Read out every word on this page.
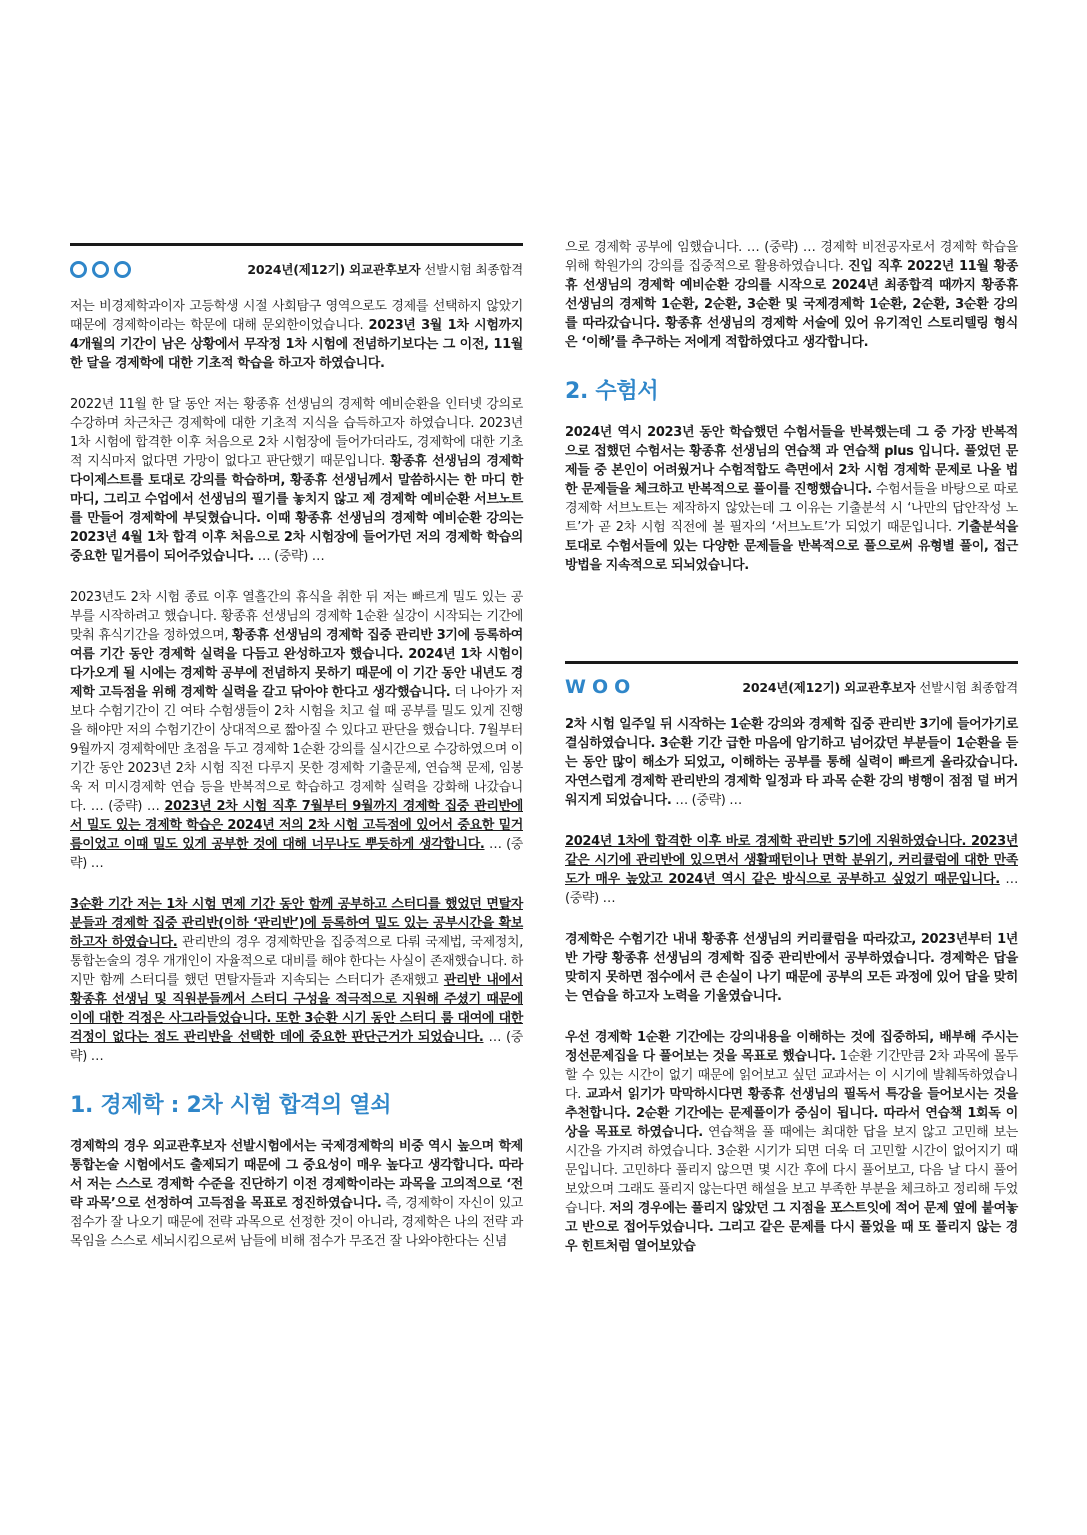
2024년(제12기) 외교관후보자 선발시험 최종합격

저는 비경제학과이자 고등학생 시절 사회탐구 영역으로도 경제를 선택하지 않았기 때문에 경제학이라는 학문에 대해 문외한이었습니다. 2023년 3월 1차 시험까지 4개월의 기간이 남은 상황에서 무작정 1차 시험에 전념하기보다는 그 이전, 11월 한 달을 경제학에 대한 기초적 학습을 하고자 하였습니다.

2022년 11월 한 달 동안 저는 황종휴 선생님의 경제학 예비순환을 인터넷 강의로 수강하며 차근차근 경제학에 대한 기초적 지식을 습득하고자 하였습니다. 2023년 1차 시험에 합격한 이후 처음으로 2차 시험장에 들어가더라도, 경제학에 대한 기초적 지식마저 없다면 가망이 없다고 판단했기 때문입니다. 황종휴 선생님의 경제학 다이제스트를 토대로 강의를 학습하며, 황종휴 선생님께서 말씀하시는 한 마디 한 마디, 그리고 수업에서 선생님의 필기를 놓치지 않고 제 경제학 예비순환 서브노트를 만들어 경제학에 부딪혔습니다. 이때 황종휴 선생님의 경제학 예비순환 강의는 2023년 4월 1차 합격 이후 처음으로 2차 시험장에 들어가던 저의 경제학 학습의 중요한 밑거름이 되어주었습니다. … (중략) …

2023년도 2차 시험 종료 이후 열흘간의 휴식을 취한 뒤 저는 빠르게 밀도 있는 공부를 시작하려고 했습니다. 황종휴 선생님의 경제학 1순환 실강이 시작되는 기간에 맞춰 휴식기간을 정하였으며, 황종휴 선생님의 경제학 집중 관리반 3기에 등록하여 여름 기간 동안 경제학 실력을 다듬고 완성하고자 했습니다. 2024년 1차 시험이 다가오게 될 시에는 경제학 공부에 전념하지 못하기 때문에 이 기간 동안 내년도 경제학 고득점을 위해 경제학 실력을 갈고 닦아야 한다고 생각했습니다. 더 나아가 저보다 수험기간이 긴 여타 수험생들이 2차 시험을 치고 쉴 때 공부를 밀도 있게 진행을 해야만 저의 수험기간이 상대적으로 짧아질 수 있다고 판단을 했습니다. 7월부터 9월까지 경제학에만 초점을 두고 경제학 1순환 강의를 실시간으로 수강하였으며 이 기간 동안 2023년 2차 시험 직전 다루지 못한 경제학 기출문제, 연습책 문제, 임봉욱 저 미시경제학 연습 등을 반복적으로 학습하고 경제학 실력을 강화해 나갔습니다. … (중략) … 2023년 2차 시험 직후 7월부터 9월까지 경제학 집중 관리반에서 밀도 있는 경제학 학습은 2024년 저의 2차 시험 고득점에 있어서 중요한 밑거름이었고 이때 밀도 있게 공부한 것에 대해 너무나도 뿌듯하게 생각합니다. … (중략) …

3순환 기간 저는 1차 시험 면제 기간 동안 함께 공부하고 스터디를 했었던 면탈자분들과 경제학 집중 관리반(이하 ‘관리반’)에 등록하여 밀도 있는 공부시간을 확보하고자 하였습니다. 관리반의 경우 경제학만을 집중적으로 다뤄 국제법, 국제정치, 통합논술의 경우 개개인이 자율적으로 대비를 해야 한다는 사실이 존재했습니다. 하지만 함께 스터디를 했던 면탈자들과 지속되는 스터디가 존재했고 관리반 내에서 황종휴 선생님 및 직원분들께서 스터디 구성을 적극적으로 지원해 주셨기 때문에 이에 대한 걱정은 사그라들었습니다. 또한 3순환 시기 동안 스터디 룸 대여에 대한 걱정이 없다는 점도 관리반을 선택한 데에 중요한 판단근거가 되었습니다. … (중략) …

1. 경제학 : 2차 시험 합격의 열쇠

경제학의 경우 외교관후보자 선발시험에서는 국제경제학의 비중 역시 높으며 학제통합논술 시험에서도 출제되기 때문에 그 중요성이 매우 높다고 생각합니다. 따라서 저는 스스로 경제학 수준을 진단하기 이전 경제학이라는 과목을 고의적으로 ‘전략 과목’으로 선정하여 고득점을 목표로 정진하였습니다. 즉, 경제학이 자신이 있고 점수가 잘 나오기 때문에 전략 과목으로 선정한 것이 아니라, 경제학은 나의 전략 과목임을 스스로 세뇌시킴으로써 남들에 비해 점수가 무조건 잘 나와야한다는 신념

으로 경제학 공부에 임했습니다. … (중략) … 경제학 비전공자로서 경제학 학습을 위해 학원가의 강의를 집중적으로 활용하였습니다. 진입 직후 2022년 11월 황종휴 선생님의 경제학 예비순환 강의를 시작으로 2024년 최종합격 때까지 황종휴 선생님의 경제학 1순환, 2순환, 3순환 및 국제경제학 1순환, 2순환, 3순환 강의를 따라갔습니다. 황종휴 선생님의 경제학 서술에 있어 유기적인 스토리텔링 형식은 ‘이해’를 추구하는 저에게 적합하였다고 생각합니다.

2. 수험서

2024년 역시 2023년 동안 학습했던 수험서들을 반복했는데 그 중 가장 반복적으로 접했던 수험서는 황종휴 선생님의 연습책 과 연습책 plus 입니다. 풀었던 문제들 중 본인이 어려웠거나 수험적합도 측면에서 2차 시험 경제학 문제로 나올 법한 문제들을 체크하고 반복적으로 풀이를 진행했습니다. 수험서들을 바탕으로 따로 경제학 서브노트는 제작하지 않았는데 그 이유는 기출분석 시 ‘나만의 답안작성 노트’가 곧 2차 시험 직전에 볼 필자의 ‘서브노트’가 되었기 때문입니다. 기출분석을 토대로 수험서들에 있는 다양한 문제들을 반복적으로 풀으로써 유형별 풀이, 접근방법을 지속적으로 되뇌었습니다.

WOO	2024년(제12기) 외교관후보자 선발시험 최종합격

2차 시험 일주일 뒤 시작하는 1순환 강의와 경제학 집중 관리반 3기에 들어가기로 결심하였습니다. 3순환 기간 급한 마음에 암기하고 넘어갔던 부분들이 1순환을 듣는 동안 많이 해소가 되었고, 이해하는 공부를 통해 실력이 빠르게 올라갔습니다. 자연스럽게 경제학 관리반의 경제학 일정과 타 과목 순환 강의 병행이 점점 덜 버거워지게 되었습니다. … (중략) …

2024년 1차에 합격한 이후 바로 경제학 관리반 5기에 지원하였습니다. 2023년 같은 시기에 관리반에 있으면서 생활패턴이나 면학 분위기, 커리큘럼에 대한 만족도가 매우 높았고 2024년 역시 같은 방식으로 공부하고 싶었기 때문입니다. … (중략) …

경제학은 수험기간 내내 황종휴 선생님의 커리큘럼을 따라갔고, 2023년부터 1년 반 가량 황종휴 선생님의 경제학 집중 관리반에서 공부하였습니다. 경제학은 답을 맞히지 못하면 점수에서 큰 손실이 나기 때문에 공부의 모든 과정에 있어 답을 맞히는 연습을 하고자 노력을 기울였습니다.

우선 경제학 1순환 기간에는 강의내용을 이해하는 것에 집중하되, 배부해 주시는 정선문제집을 다 풀어보는 것을 목표로 했습니다. 1순환 기간만큼 2차 과목에 몰두할 수 있는 시간이 없기 때문에 읽어보고 싶던 교과서는 이 시기에 발췌독하였습니다. 교과서 읽기가 막막하시다면 황종휴 선생님의 필독서 특강을 들어보시는 것을 추천합니다. 2순환 기간에는 문제풀이가 중심이 됩니다. 따라서 연습책 1회독 이상을 목표로 하였습니다. 연습책을 풀 때에는 최대한 답을 보지 않고 고민해 보는 시간을 가지려 하였습니다. 3순환 시기가 되면 더욱 더 고민할 시간이 없어지기 때문입니다. 고민하다 풀리지 않으면 몇 시간 후에 다시 풀어보고, 다음 날 다시 풀어보았으며 그래도 풀리지 않는다면 해설을 보고 부족한 부분을 체크하고 정리해 두었습니다. 저의 경우에는 풀리지 않았던 그 지점을 포스트잇에 적어 문제 옆에 붙여놓고 반으로 접어두었습니다. 그리고 같은 문제를 다시 풀었을 때 또 풀리지 않는 경우 힌트처럼 열어보았습
